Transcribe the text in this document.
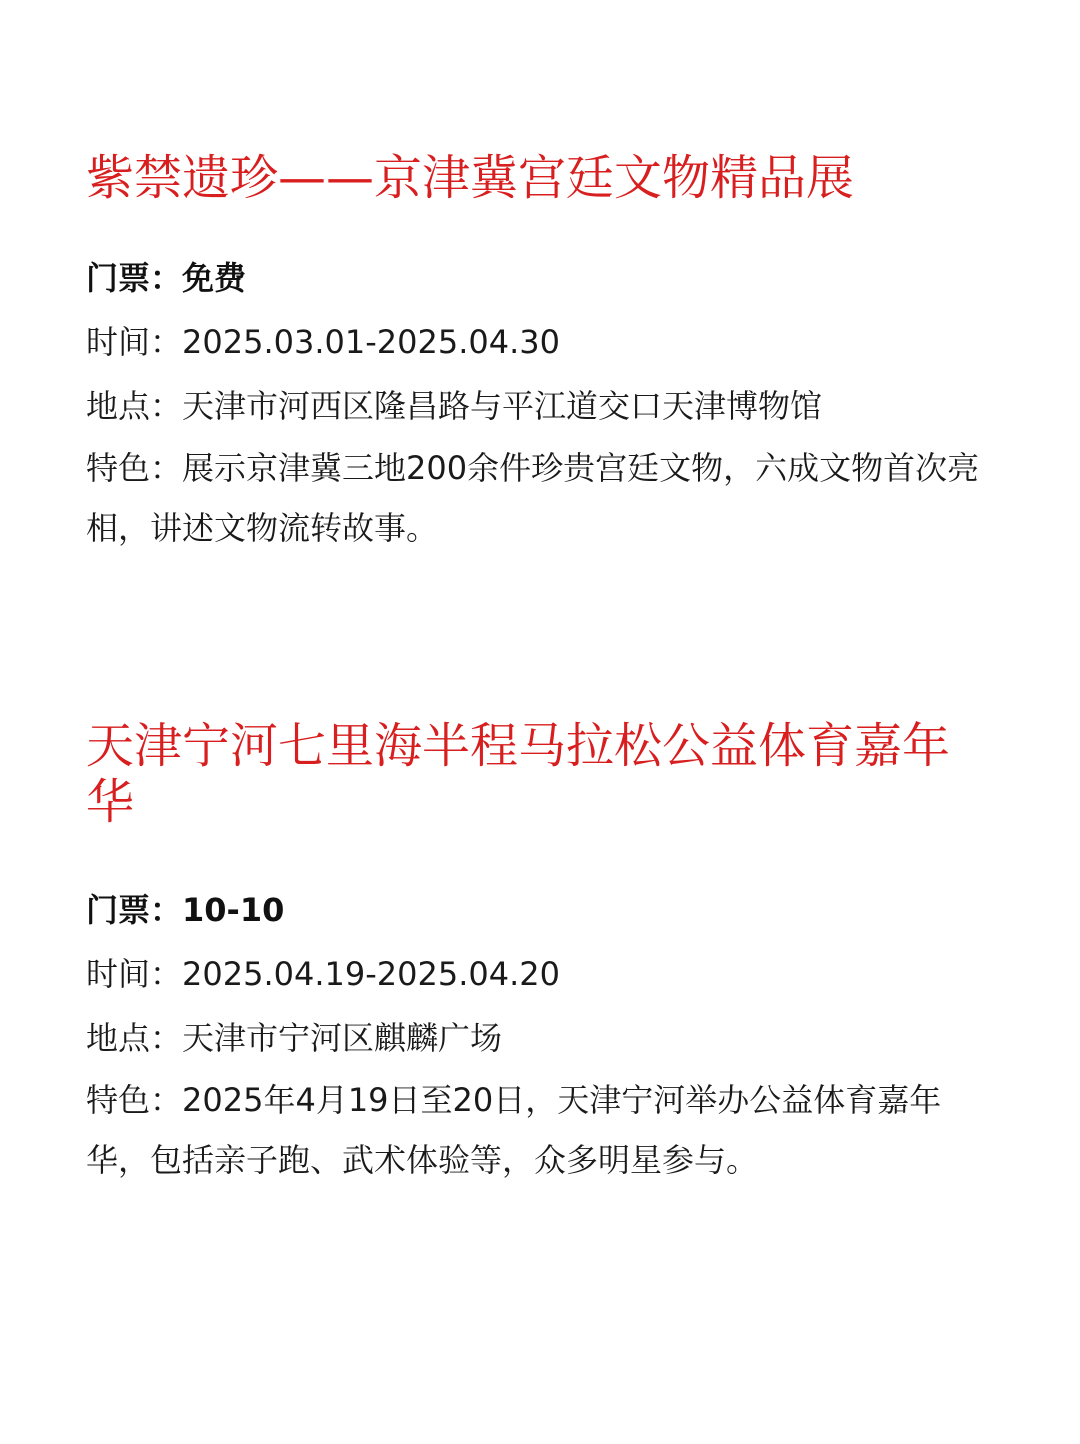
紫禁遗珍——京津冀宫廷文物精品展
门票：免费
时间：2025.03.01-2025.04.30
地点：天津市河西区隆昌路与平江道交口天津博物馆
特色：展示京津冀三地200余件珍贵宫廷文物，六成文物首次亮相，讲述文物流转故事。
天津宁河七里海半程马拉松公益体育嘉年华
门票：10-10
时间：2025.04.19-2025.04.20
地点：天津市宁河区麒麟广场
特色：2025年4月19日至20日，天津宁河举办公益体育嘉年华，包括亲子跑、武术体验等，众多明星参与。
